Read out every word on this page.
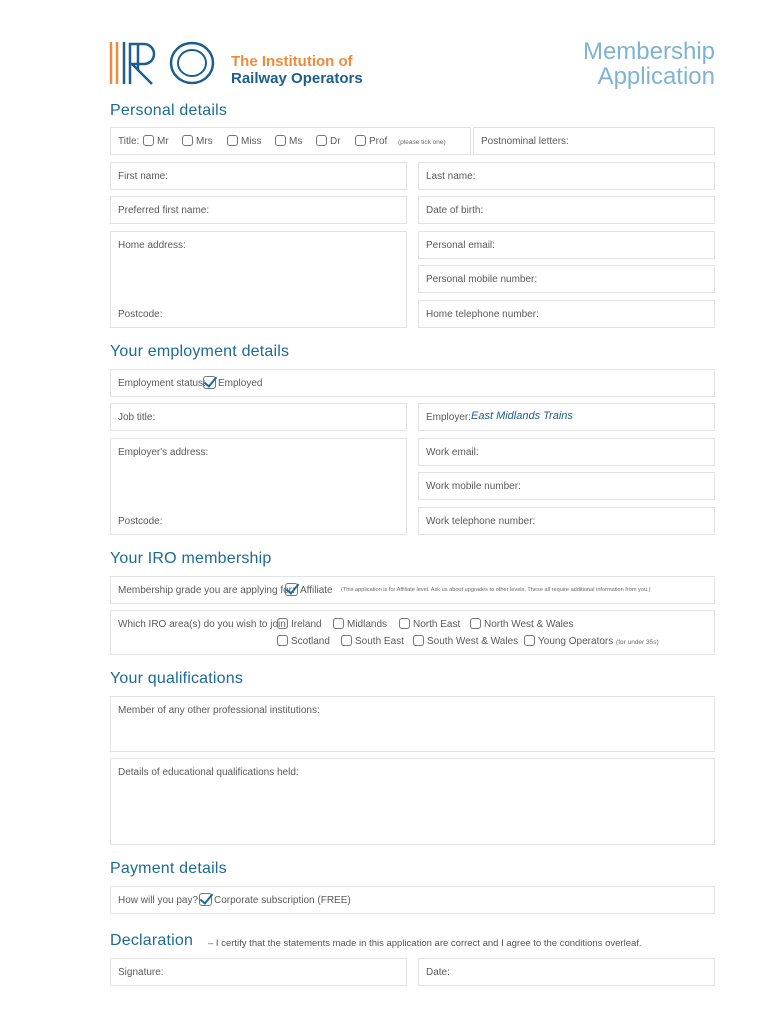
The Institution of
Railway Operators
Membership
Application
Personal details
Title:	Mr	Mrs	Miss	Ms	Dr	Prof (please tick one)	Postnominal letters:
First name:	Last name:
Preferred first name:	Date of birth:
Home address:
Postcode:
Personal email:
Personal mobile number:
Home telephone number:
Your employment details
Employment status:	Employed
Job title:	Employer: East Midlands Trains
Employer's address:
Postcode:
Work email:
Work mobile number:
Work telephone number:
Your IRO membership
Membership grade you are applying for: Affiliate (This application is for Affiliate level. Ask us about upgrades to other levels. These all require additional information from you.)
Which IRO area(s) do you wish to join: Ireland	Midlands	North East	North West & Wales
Scotland	South East	South West & Wales	Young Operators (for under 35s)
Your qualifications
Member of any other professional institutions:
Details of educational qualifications held:
Payment details
How will you pay?	Corporate subscription (FREE)
Declaration – I certify that the statements made in this application are correct and I agree to the conditions overleaf.
Signature:	Date:
